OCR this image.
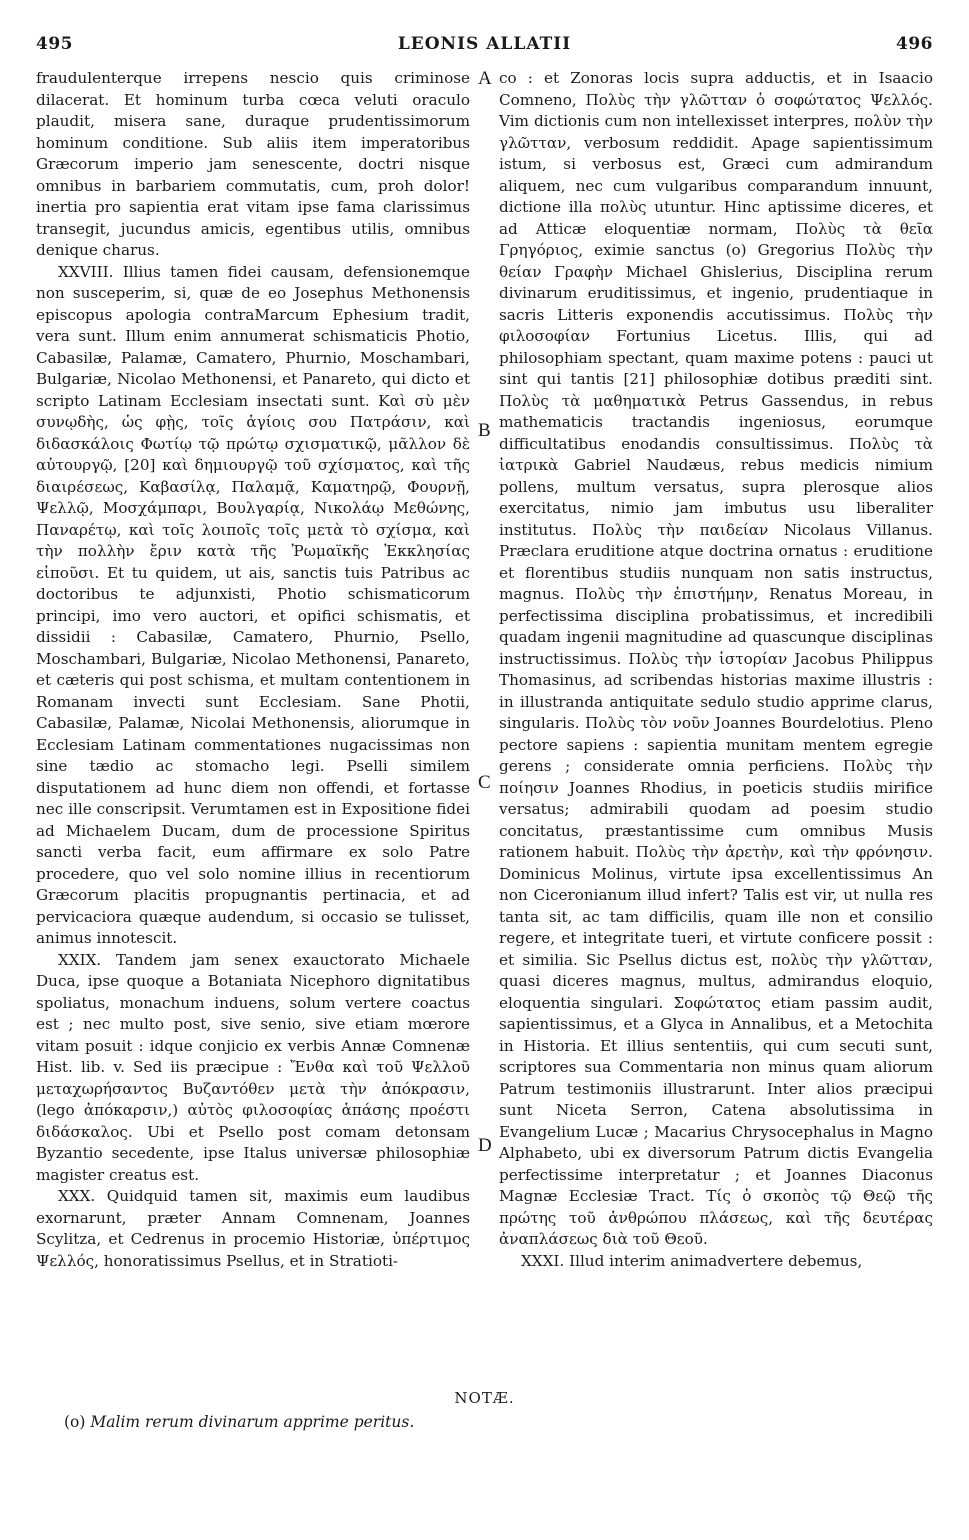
495	LEONIS ALLATII	496

fraudulenterque irrepens nescio quis criminose dilacerat. Et hominum turba cœca veluti oraculo plaudit, misera sane, duraque prudentissimorum hominum conditione. Sub aliis item imperatoribus Græcorum imperio jam senescente, doctri nisque omnibus in barbariem commutatis, cum, proh dolor! inertia pro sapientia erat vitam ipse fama clarissimus transegit, jucundus amicis, egentibus utilis, omnibus denique charus.

XXVIII. Illius tamen fidei causam, defensionemque non susceperim, si, quæ de eo Josephus Methonensis episcopus apologia contraMarcum Ephesium tradit, vera sunt. Illum enim annumerat schismaticis Photio, Cabasilæ, Palamæ, Camatero, Phurnio, Moschambari, Bulgariæ, Nicolao Methonensi, et Panareto, qui dicto et scripto Latinam Ecclesiam insectati sunt. Καὶ σὺ μὲν συνῳδὴς, ὡς φῂς, τοῖς ἁγίοις σου Πατράσιν, καὶ διδασκάλοις Φωτίῳ τῷ πρώτῳ σχισματικῷ, μᾶλλον δὲ αὐτουργῷ, [20] καὶ δημιουργῷ τοῦ σχίσματος, καὶ τῆς διαιρέσεως, Καβασίλᾳ, Παλαμᾷ, Καματηρῷ, Φουρνῇ, Ψελλῷ, Μοσχάμπαρι, Βουλγαρίᾳ, Νικολάῳ Μεθώνης, Παναρέτῳ, καὶ τοῖς λοιποῖς τοῖς μετὰ τὸ σχίσμα, καὶ τὴν πολλὴν ἔριν κατὰ τῆς Ῥωμαϊκῆς Ἐκκλησίας εἰποῦσι. Et tu quidem, ut ais, sanctis tuis Patribus ac doctoribus te adjunxisti, Photio schismaticorum principi, imo vero auctori, et opifici schismatis, et dissidii : Cabasilæ, Camatero, Phurnio, Psello, Moschambari, Bulgariæ, Nicolao Methonensi, Panareto, et cæteris qui post schisma, et multam contentionem in Romanam invecti sunt Ecclesiam. Sane Photii, Cabasilæ, Palamæ, Nicolai Methonensis, aliorumque in Ecclesiam Latinam commentationes nugacissimas non sine tædio ac stomacho legi. Pselli similem disputationem ad hunc diem non offendi, et fortasse nec ille conscripsit. Verumtamen est in Expositione fidei ad Michaelem Ducam, dum de processione Spiritus sancti verba facit, eum affirmare ex solo Patre procedere, quo vel solo nomine illius in recentiorum Græcorum placitis propugnantis pertinacia, et ad pervicaciora quæque audendum, si occasio se tulisset, animus innotescit.

XXIX. Tandem jam senex exauctorato Michaele Duca, ipse quoque a Botaniata Nicephoro dignitatibus spoliatus, monachum induens, solum vertere coactus est ; nec multo post, sive senio, sive etiam mœrore vitam posuit : idque conjicio ex verbis Annæ Comnenæ Hist. lib. v. Sed iis præcipue : Ἔνθα καὶ τοῦ Ψελλοῦ μεταχωρήσαντος Βυζαντόθεν μετὰ τὴν ἀπόκρασιν, (lego ἀπόκαρσιν,) αὐτὸς φιλοσοφίας ἁπάσης προέστι διδάσκαλος. Ubi et Psello post comam detonsam Byzantio secedente, ipse Italus universæ philosophiæ magister creatus est.

XXX. Quidquid tamen sit, maximis eum laudibus exornarunt, præter Annam Comnenam, Joannes Scylitza, et Cedrenus in procemio Historiæ, ὑπέρτιμος Ψελλός, honoratissimus Psellus, et in Stratioti-

co : et Zonoras locis supra adductis, et in Isaacio Comneno, Πολὺς τὴν γλῶτταν ὁ σοφώτατος Ψελλός. Vim dictionis cum non intellexisset interpres, πολὺν τὴν γλῶτταν, verbosum reddidit. Apage sapientissimum istum, si verbosus est, Græci cum admirandum aliquem, nec cum vulgaribus comparandum innuunt, dictione illa πολὺς utuntur. Hinc aptissime diceres, et ad Atticæ eloquentiæ normam, Πολὺς τὰ θεῖα Γρηγόριος, eximie sanctus (o) Gregorius Πολὺς τὴν θείαν Γραφὴν Michael Ghislerius, Disciplina rerum divinarum eruditissimus, et ingenio, prudentiaque in sacris Litteris exponendis accutissimus. Πολὺς τὴν φιλοσοφίαν Fortunius Licetus. Illis, qui ad philosophiam spectant, quam maxime potens : pauci ut sint qui tantis [21] philosophiæ dotibus præditi sint. Πολὺς τὰ μαθηματικὰ Petrus Gassendus, in rebus mathematicis tractandis ingeniosus, eorumque difficultatibus enodandis consultissimus. Πολὺς τὰ ἰατρικὰ Gabriel Naudæus, rebus medicis nimium pollens, multum versatus, supra plerosque alios exercitatus, nimio jam imbutus usu liberaliter institutus. Πολὺς τὴν παιδείαν Nicolaus Villanus. Præclara eruditione atque doctrina ornatus : eruditione et florentibus studiis nunquam non satis instructus, magnus. Πολὺς τὴν ἐπιστήμην, Renatus Moreau, in perfectissima disciplina probatissimus, et incredibili quadam ingenii magnitudine ad quascunque disciplinas instructissimus. Πολὺς τὴν ἱστορίαν Jacobus Philippus Thomasinus, ad scribendas historias maxime illustris : in illustranda antiquitate sedulo studio apprime clarus, singularis. Πολὺς τὸν νοῦν Joannes Bourdelotius. Pleno pectore sapiens : sapientia munitam mentem egregie gerens ; considerate omnia perficiens. Πολὺς τὴν ποίησιν Joannes Rhodius, in poeticis studiis mirifice versatus; admirabili quodam ad poesim studio concitatus, præstantissime cum omnibus Musis rationem habuit. Πολὺς τὴν ἀρετὴν, καὶ τὴν φρόνησιν. Dominicus Molinus, virtute ipsa excellentissimus An non Ciceronianum illud infert? Talis est vir, ut nulla res tanta sit, ac tam difficilis, quam ille non et consilio regere, et integritate tueri, et virtute conficere possit : et similia. Sic Psellus dictus est, πολὺς τὴν γλῶτταν, quasi diceres magnus, multus, admirandus eloquio, eloquentia singulari. Σοφώτατος etiam passim audit, sapientissimus, et a Glyca in Annalibus, et a Metochita in Historia. Et illius sententiis, qui cum secuti sunt, scriptores sua Commentaria non minus quam aliorum Patrum testimoniis illustrarunt. Inter alios præcipui sunt Niceta Serron, Catena absolutissima in Evangelium Lucæ ; Macarius Chrysocephalus in Magno Alphabeto, ubi ex diversorum Patrum dictis Evangelia perfectissime interpretatur ; et Joannes Diaconus Magnæ Ecclesiæ Tract. Τίς ὁ σκοπὸς τῷ Θεῷ τῆς πρώτης τοῦ ἀνθρώπου πλάσεως, καὶ τῆς δευτέρας ἀναπλάσεως διὰ τοῦ Θεοῦ.

XXXI. Illud interim animadvertere debemus,

A
B
C
D
NOTÆ.
(o) Malim rerum divinarum apprime peritus.
